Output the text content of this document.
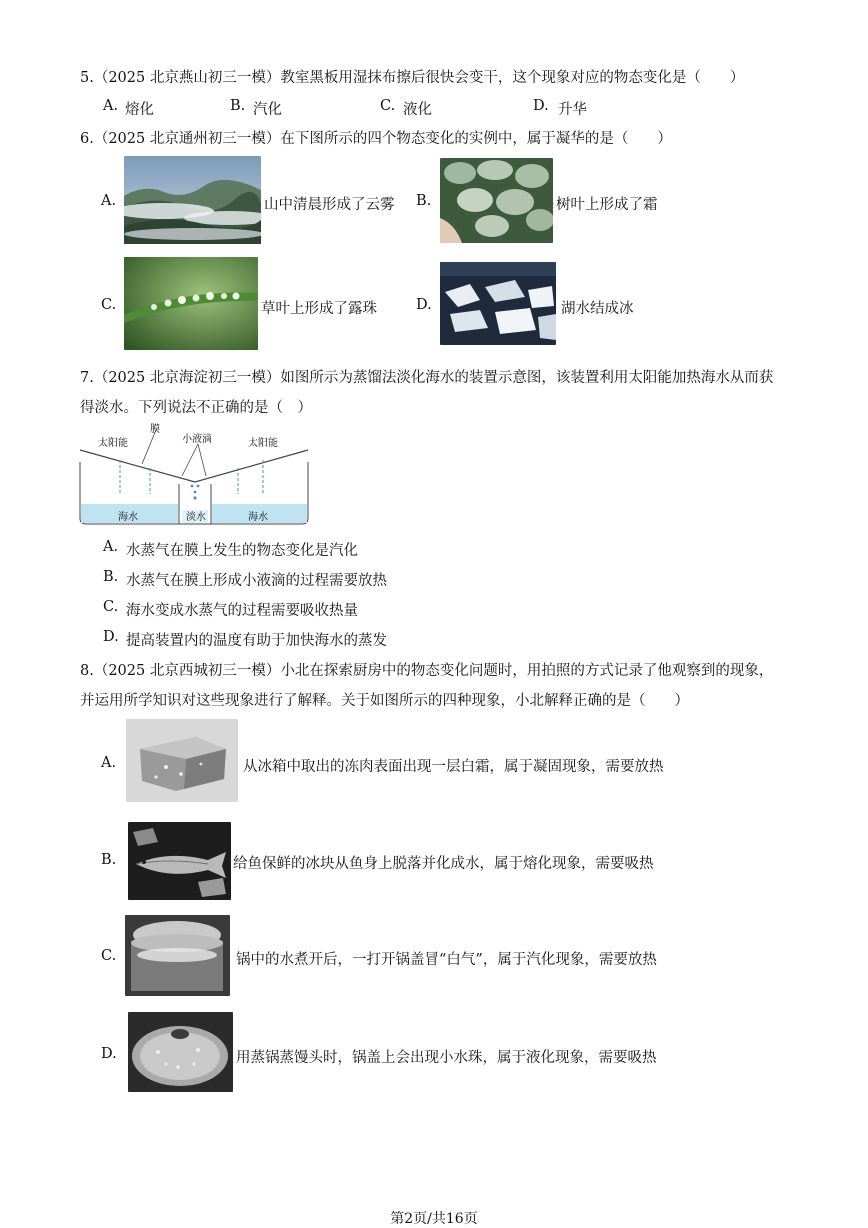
5.（2025 北京燕山初三一模）教室黑板用湿抹布擦后很快会变干，这个现象对应的物态变化是（　　）
A. 熔化	B. 汽化	C. 液化	D. 升华
6.（2025 北京通州初三一模）在下图所示的四个物态变化的实例中，属于凝华的是（　　）
A.	山中清晨形成了云雾 B.	树叶上形成了霜
C.	草叶上形成了露珠	D.	湖水结成冰
7.（2025 北京海淀初三一模）如图所示为蒸馏法淡化海水的装置示意图，该装置利用太阳能加热海水从而获
得淡水。下列说法不正确的是（　）
太阳能
膜
小液滴	太阳能
海水	淡水	海水
A. 水蒸气在膜上发生的物态变化是汽化
B. 水蒸气在膜上形成小液滴的过程需要放热
C. 海水变成水蒸气的过程需要吸收热量
D. 提高装置内的温度有助于加快海水的蒸发
8.（2025 北京西城初三一模）小北在探索厨房中的物态变化问题时，用拍照的方式记录了他观察到的现象，
并运用所学知识对这些现象进行了解释。关于如图所示的四种现象，小北解释正确的是（　　）
A.	从冰箱中取出的冻肉表面出现一层白霜，属于凝固现象，需要放热
B.	给鱼保鲜的冰块从鱼身上脱落并化成水，属于熔化现象，需要吸热
C.	锅中的水煮开后，一打开锅盖冒“白气”，属于汽化现象，需要放热
D.	用蒸锅蒸馒头时，锅盖上会出现小水珠，属于液化现象，需要吸热
第2页/共16页
